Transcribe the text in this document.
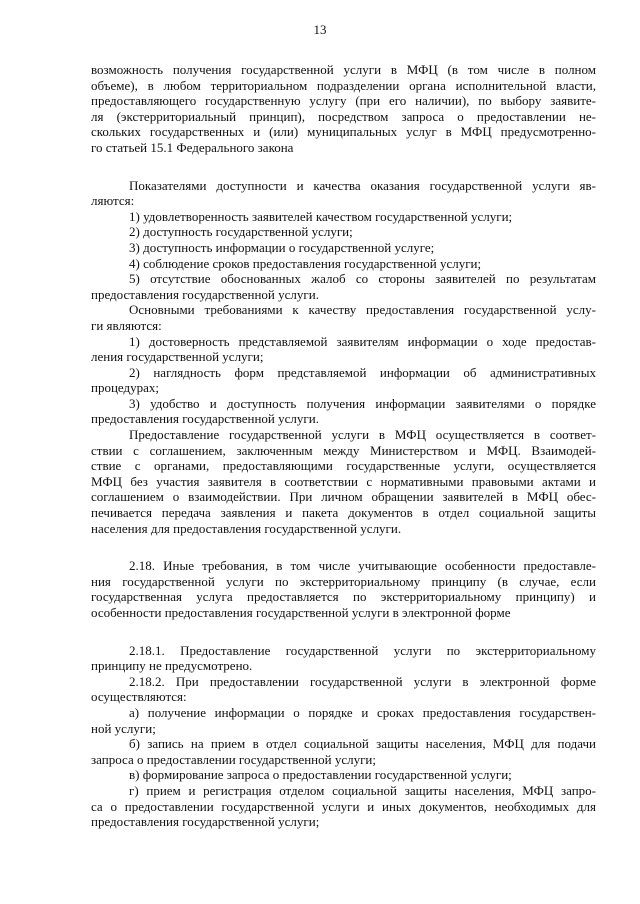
13
возможность получения государственной услуги в МФЦ (в том числе в полном
объеме), в любом территориальном подразделении органа исполнительной власти,
предоставляющего государственную услугу (при его наличии), по выбору заявите-
ля (экстерриториальный принцип), посредством запроса о предоставлении не-
скольких государственных и (или) муниципальных услуг в МФЦ предусмотренно-
го статьей 15.1 Федерального закона
Показателями доступности и качества оказания государственной услуги яв-
ляются:
1) удовлетворенность заявителей качеством государственной услуги;
2) доступность государственной услуги;
3) доступность информации о государственной услуге;
4) соблюдение сроков предоставления государственной услуги;
5) отсутствие обоснованных жалоб со стороны заявителей по результатам
предоставления государственной услуги.
Основными требованиями к качеству предоставления государственной услу-
ги являются:
1) достоверность представляемой заявителям информации о ходе предостав-
ления государственной услуги;
2) наглядность форм представляемой информации об административных
процедурах;
3) удобство и доступность получения информации заявителями о порядке
предоставления государственной услуги.
Предоставление государственной услуги в МФЦ осуществляется в соответ-
ствии с соглашением, заключенным между Министерством и МФЦ. Взаимодей-
ствие с органами, предоставляющими государственные услуги, осуществляется
МФЦ без участия заявителя в соответствии с нормативными правовыми актами и
соглашением о взаимодействии. При личном обращении заявителей в МФЦ обес-
печивается передача заявления и пакета документов в отдел социальной защиты
населения для предоставления государственной услуги.
2.18. Иные требования, в том числе учитывающие особенности предоставле-
ния государственной услуги по экстерриториальному принципу (в случае, если
государственная услуга предоставляется по экстерриториальному принципу) и
особенности предоставления государственной услуги в электронной форме
2.18.1. Предоставление государственной услуги по экстерриториальному
принципу не предусмотрено.
2.18.2. При предоставлении государственной услуги в электронной форме
осуществляются:
а) получение информации о порядке и сроках предоставления государствен-
ной услуги;
б) запись на прием в отдел социальной защиты населения, МФЦ для подачи
запроса о предоставлении государственной услуги;
в) формирование запроса о предоставлении государственной услуги;
г) прием и регистрация отделом социальной защиты населения, МФЦ запро-
са о предоставлении государственной услуги и иных документов, необходимых для
предоставления государственной услуги;
